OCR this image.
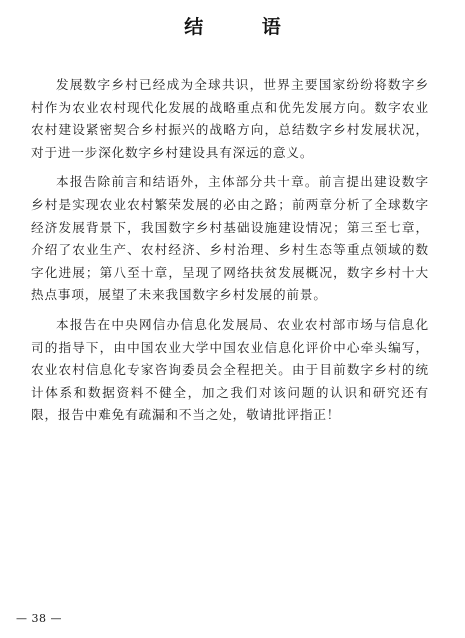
结 语

发展数字乡村已经成为全球共识，世界主要国家纷纷将数字乡村作为农业农村现代化发展的战略重点和优先发展方向。数字农业农村建设紧密契合乡村振兴的战略方向，总结数字乡村发展状况，对于进一步深化数字乡村建设具有深远的意义。

本报告除前言和结语外，主体部分共十章。前言提出建设数字乡村是实现农业农村繁荣发展的必由之路；前两章分析了全球数字经济发展背景下，我国数字乡村基础设施建设情况；第三至七章，介绍了农业生产、农村经济、乡村治理、乡村生态等重点领域的数字化进展；第八至十章，呈现了网络扶贫发展概况，数字乡村十大热点事项，展望了未来我国数字乡村发展的前景。

本报告在中央网信办信息化发展局、农业农村部市场与信息化司的指导下，由中国农业大学中国农业信息化评价中心牵头编写，农业农村信息化专家咨询委员会全程把关。由于目前数字乡村的统计体系和数据资料不健全，加之我们对该问题的认识和研究还有限，报告中难免有疏漏和不当之处，敬请批评指正！

— 38 —
